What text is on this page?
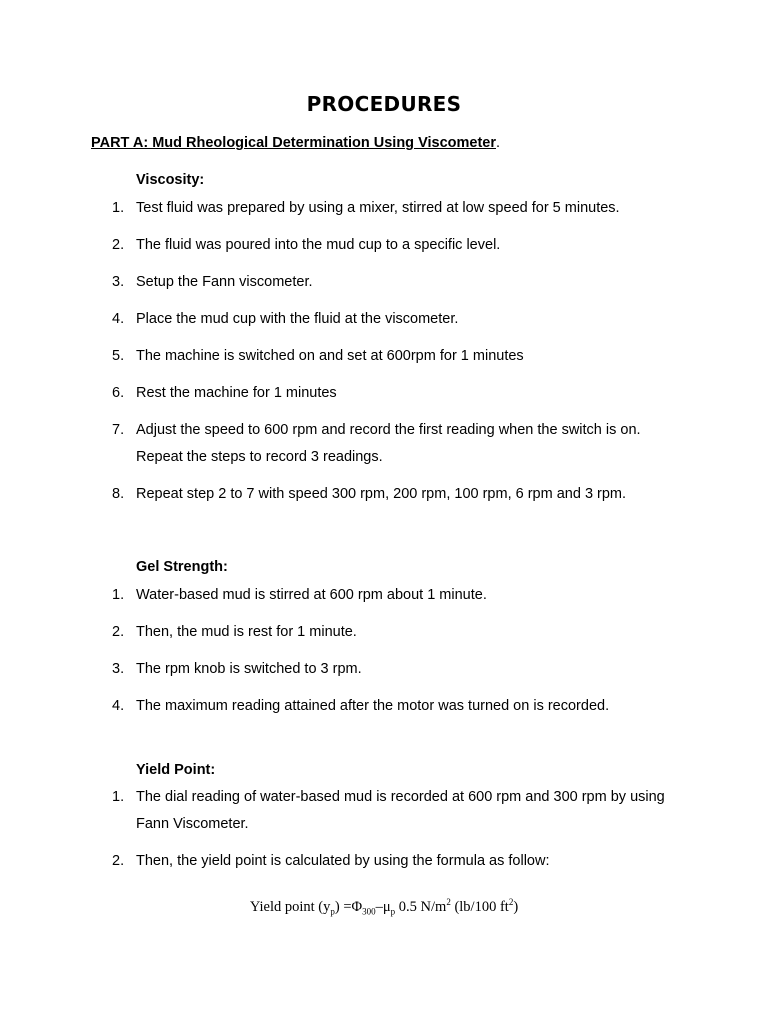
PROCEDURES

PART A: Mud Rheological Determination Using Viscometer.

Viscosity:

1. Test fluid was prepared by using a mixer, stirred at low speed for 5 minutes.
2. The fluid was poured into the mud cup to a specific level.
3. Setup the Fann viscometer.
4. Place the mud cup with the fluid at the viscometer.
5. The machine is switched on and set at 600rpm for 1 minutes
6. Rest the machine for 1 minutes
7. Adjust the speed to 600 rpm and record the first reading when the switch is on. Repeat the steps to record 3 readings.
8. Repeat step 2 to 7 with speed 300 rpm, 200 rpm, 100 rpm, 6 rpm and 3 rpm.

Gel Strength:

1. Water-based mud is stirred at 600 rpm about 1 minute.
2. Then, the mud is rest for 1 minute.
3. The rpm knob is switched to 3 rpm.
4. The maximum reading attained after the motor was turned on is recorded.

Yield Point:

1. The dial reading of water-based mud is recorded at 600 rpm and 300 rpm by using Fann Viscometer.
2. Then, the yield point is calculated by using the formula as follow:
Yield point $(y_p) =\Phi_{300}-\mu_p$ 0.5 $N/m^2$ (lb/100 $ft^2$)
